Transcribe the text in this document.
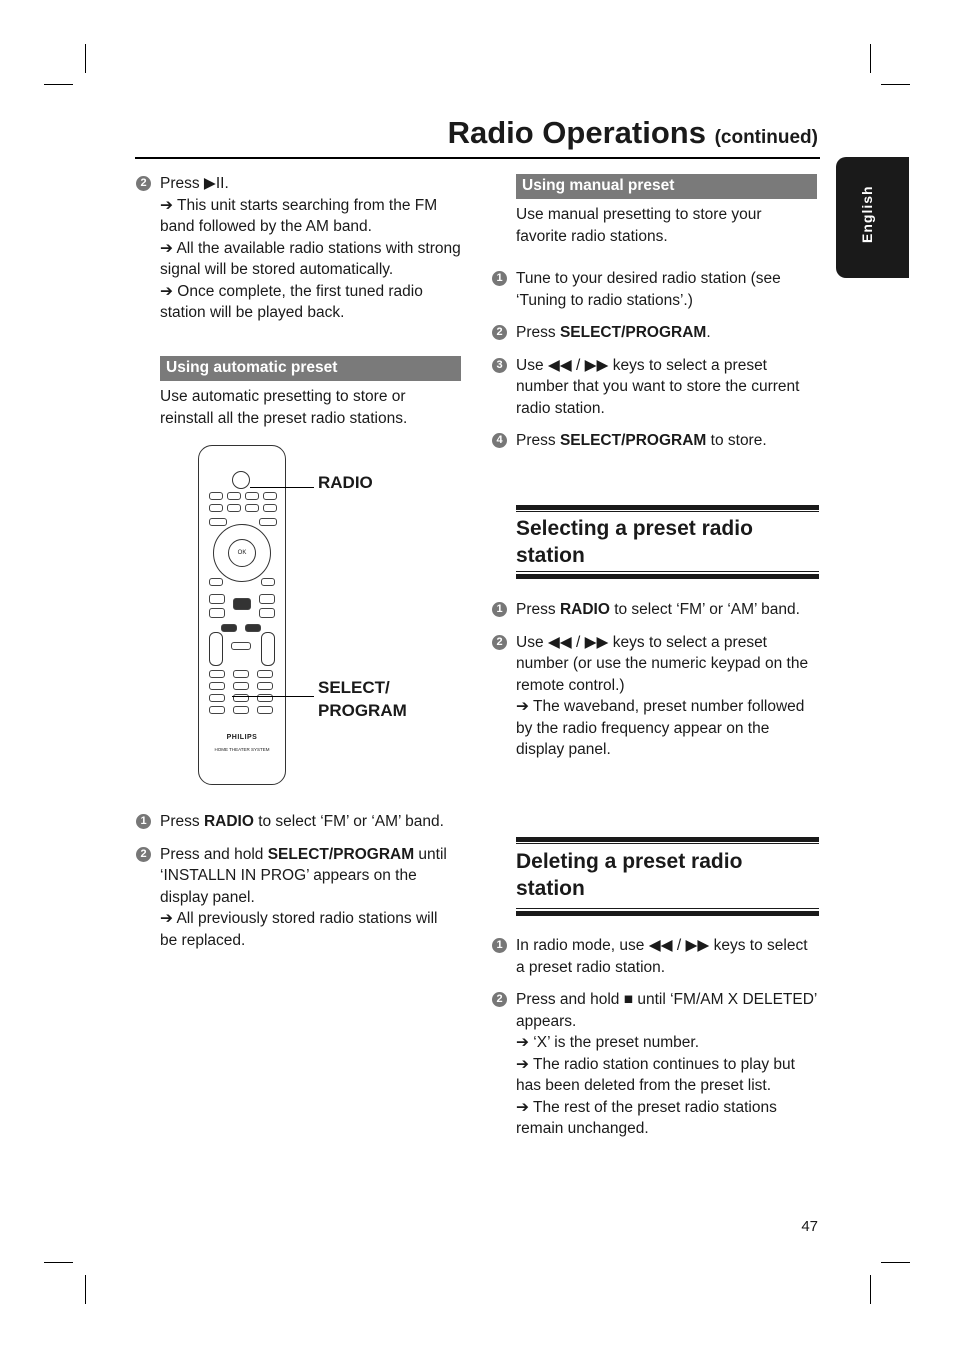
Radio Operations (continued)
English
2 Press ▶II.

➔ This unit starts searching from the FM band followed by the AM band.

➔ All the available radio stations with strong signal will be stored automatically.

➔ Once complete, the first tuned radio station will be played back.

Using automatic preset

Use automatic presetting to store or reinstall all the preset radio stations.

OK
PHILIPS
HOME THEATER SYSTEM
RADIO
SELECT/
PROGRAM
1 Press RADIO to select ‘FM’ or ‘AM’ band.

2 Press and hold SELECT/PROGRAM until ‘INSTALLN IN PROG’ appears on the display panel.

➔ All previously stored radio stations will be replaced.

Using manual preset

Use manual presetting to store your favorite radio stations.

1 Tune to your desired radio station (see ‘Tuning to radio stations’.)

2 Press SELECT/PROGRAM.

3 Use ◀◀ / ▶▶ keys to select a preset number that you want to store the current radio station.

4 Press SELECT/PROGRAM to store.

Selecting a preset radio station
1 Press RADIO to select ‘FM’ or ‘AM’ band.

2 Use ◀◀ / ▶▶ keys to select a preset number (or use the numeric keypad on the remote control.)

➔ The waveband, preset number followed by the radio frequency appear on the display panel.

Deleting a preset radio station
1 In radio mode, use ◀◀ / ▶▶ keys to select a preset radio station.

2 Press and hold ■ until ‘FM/AM X DELETED’ appears.

➔ ‘X’ is the preset number.

➔ The radio station continues to play but has been deleted from the preset list.

➔ The rest of the preset radio stations remain unchanged.

47
